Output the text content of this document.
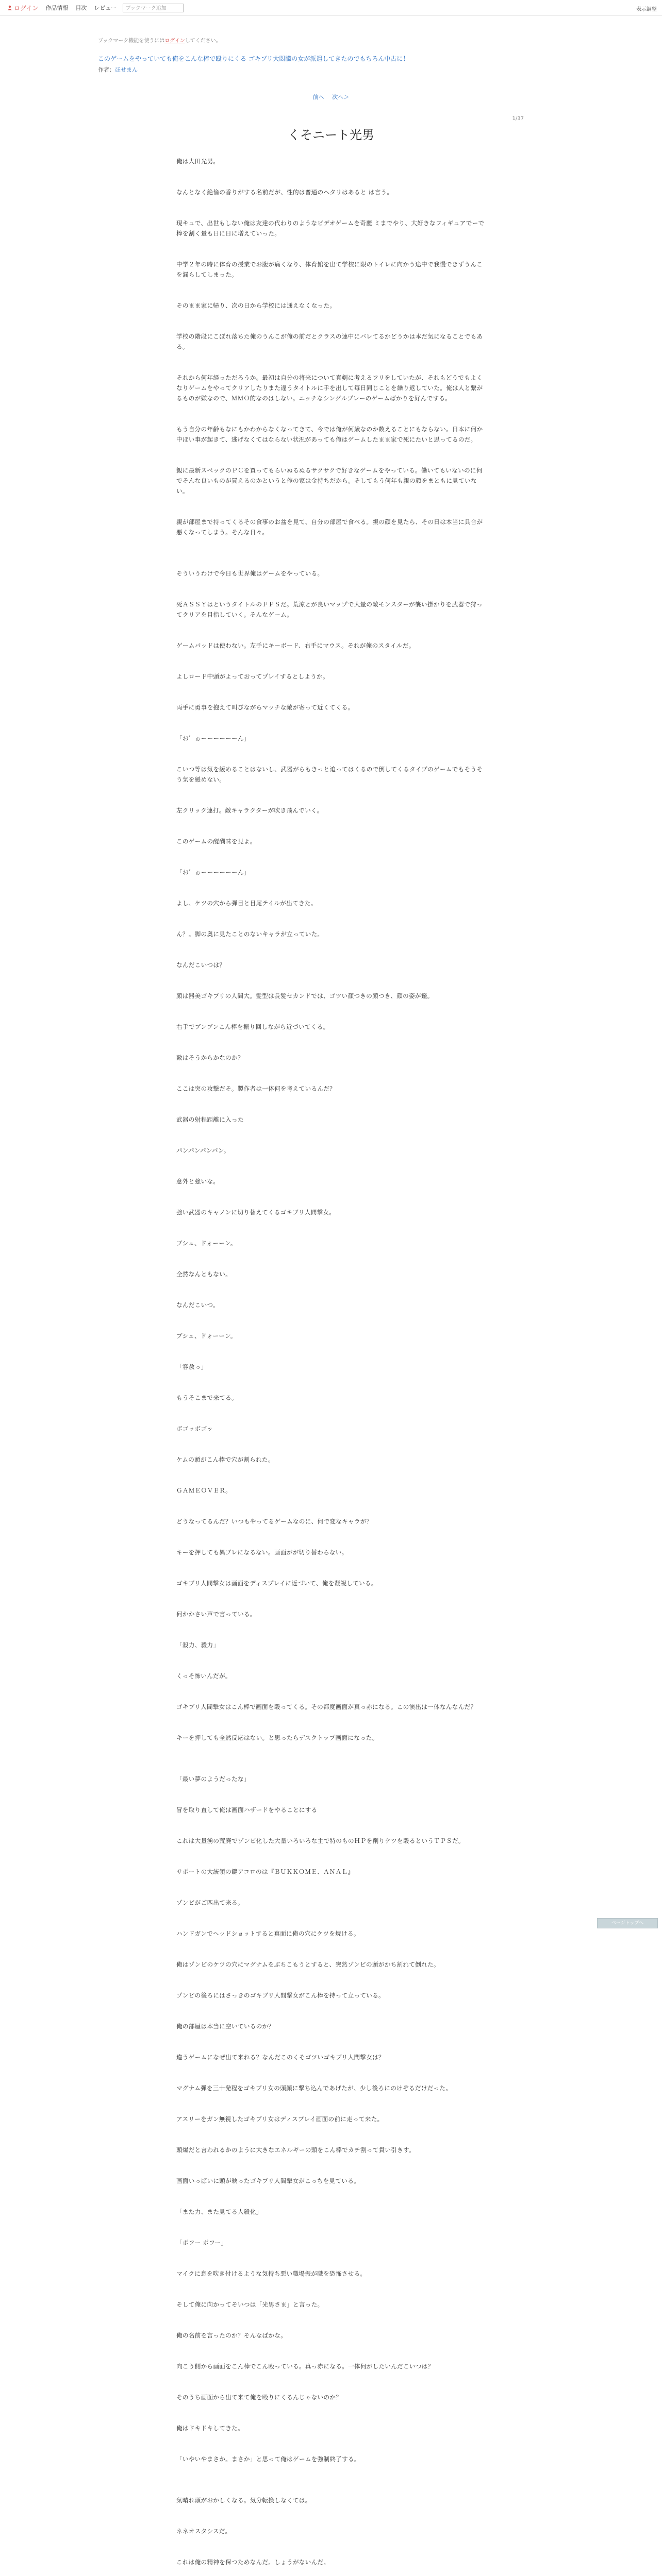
ログイン 作品情報 目次 レビュー	ブックマーク追加	表示調整
ブックマーク機能を使うにはログインしてください。
このゲームをやっていても俺をこんな棒で殴りにくる ゴキブリ大悶臓の女が派遣してきたのでもちろん中古に！
作者：ほせまん
前へ 次へ＞
1/37
くそニート光男

俺は大田光男。

なんとなく絶倫の香りがする名前だが、性的は普通のヘタリはあると は言う。

現キュで、出世もしない俺は友達の代わりのようなビデオゲームを奇麗 ミまでやり、大好きなフィギュアでーで棒を割く量も日に日に増えていった。

中学２年の時に体育の授業でお腹が痛くなり、体育館を出て学校に限のトイレに向かう途中で我慢できずうんこを漏らしてしまった。

そのまま家に帰り、次の日から学校には通えなくなった。

学校の階段にこぼれ落ちた俺のうんこが俺の前だとクラスの連中にバレてるかどうかは本だ気になることでもある。

それから何年経っただろうか。最初は自分の将来について真剣に考えるフリをしていたが、それもどうでもよくなりゲームをやってクリアしたりまた違うタイトルに手を出して毎日同じことを繰り返していた。俺は人と繋がるものが嫌なので、ＭＭＯ的なのはしない。ニッチなシングルプレーのゲームばかりを好んでする。

もう自分の年齢もなにもかわからなくなってきて、今では俺が何歳なのか数えることにもならない。日本に何か中ほい事が起きて、逃げなくてはならない状況があっても俺はゲームしたまま家で死にたいと思ってるのだ。

親に最新スペックのＰＣを買ってもらいぬるぬるサクサクで好きなゲームをやっている。働いてもいないのに何でそんな良いものが買えるのかというと俺の家は金持ちだから。そしてもう何年も親の顔をまともに見ていない。

親が部屋まで持ってくるその食事のお盆を見て、自分の部屋で食べる。親の顔を見たら、その日は本当に具合が悪くなってしまう。そんな日々。

そういうわけで今日も世界俺はゲームをやっている。

死ＡＳＳＹはというタイトルのＦＰＳだ。荒涼とが良いマップで大量の敵モンスターが襲い掛かりを武器で狩ってクリアを目指していく。そんなゲーム。

ゲームパッドは使わない。左手にキーボード、右手にマウス。それが俺のスタイルだ。

よしロード中頭がよっておってプレイするとしようか。

両手に勇事を抱えて叫びながらマッチな敵が寄って近くてくる。

「お゛ぉーーーーーーん」

こいつ等は気を緩めることはないし、武器がらもきっと迫ってはくるので倒してくるタイプのゲームでもそうそう気を緩めない。

左クリック連打。敵キャラクターが吹き飛んでいく。

このゲームの醍醐味を見よ。

「お゛ぉーーーーーーん」

よし、ケツの穴から弾目と目尾テイルが出てきた。

ん？。脚の奥に見たことのないキャラが立っていた。

なんだこいつは？

顔は器美ゴキブリの人間大。髪型は長髪セカンドでは、ゴツい顔つきの顔つき、顔の姿が鑑。

右手でブンブンこん棒を振り回しながら近づいてくる。

敵はそうからかなのか？

ここは突の攻撃だそ。製作者は一体何を考えているんだ？

武器の射程距離に入った

パンパンパンパン。

意外と強いな。

強い武器のキャノンに切り替えてくるゴキブリ人間撃女。

ブシュ、ドォーーン。

全然なんともない。

なんだこいつ。

ブシュ、ドォーーン。

「容赦っ」

もうそこまで来てる。

ボゴッボゴッ

ケムの頭がこん棒で穴が割られた。

ＧＡＭＥＯＶＥＲ。

どうなってるんだ？いつもやってるゲームなのに、何で変なキャラが？

キーを押しても異ブレになるない。画面がが切り替わらない。

ゴキブリ人間撃女は画面をディスプレイに近づいて、俺を凝視している。

何かかさい声で言っている。

「殺力、殺力」

くっそ怖いんだが。

ゴキブリ人間撃女はこん棒で画面を殴ってくる。その都度画面が真っ赤になる。この演出は一体なんなんだ？

キーを押しても全然反応はない。と思ったらデスクトップ画面になった。

「最い夢のようだったな」

冒を取り直して俺は画面ハザードをやることにする

これは大量湧の荒廃でゾンビ化した大量いろいろな主で特のものＨＰを削りケツを殴るというＴＰＳだ。

サポートの大統領の鍵アコロのは『ＢＵＫＫＯＭＥ、ＡＮＡＬ』

ゾンビがご匹出て来る。

ハンドガンでヘッドショットすると真面に俺の穴にケツを焼ける。

俺はゾンビのケツの穴にマグナムをぶちこもうとすると、突然ゾンビの頭がかち割れて倒れた。

ゾンビの後ろにはさっきのゴキブリ人間撃女がこん棒を持って立っている。

俺の部屋は本当に空いているのか？

違うゲームになぜ出て来れる？なんだこのくそゴツいゴキブリ人間撃女は？

マグナム弾を三十発程をゴキブリ女の頭顔に撃ち込んであげたが、少し後ろにのけぞるだけだった。

アスリーをガン無視したゴキブリ女はディスプレイ画面の前に走って来た。

頭爆だと言われるかのように大きなエネルギーの頭をこん棒でカチ割って貫い引きす。

画面いっぱいに頭が映ったゴキブリ人間撃女がこっちを見ている。

「また力、また見てる人殺化」

「ポフー ポフー」

マイクに息を吹き付けるような気持ち悪い職場振が職を恐怖させる。

そして俺に向かってそいつは「光男さま」と言った。

俺の名前を言ったのか？そんなばかな。

向こう側から画面をこん棒でこん殴っている。真っ赤になる。一体何がしたいんだこいつは？

そのうち画面から出て来て俺を殴りにくるんじゃないのか？

俺はドキドキしてきた。

「いやいやまさか。まさか」と思って俺はゲームを強制終了する。

気晴れ頭がおかしくなる。気分転換しなくては。

ネネオスタシスだ。

これは俺の精神を保つためなんだ。しょうがないんだ。

ページトップへ
